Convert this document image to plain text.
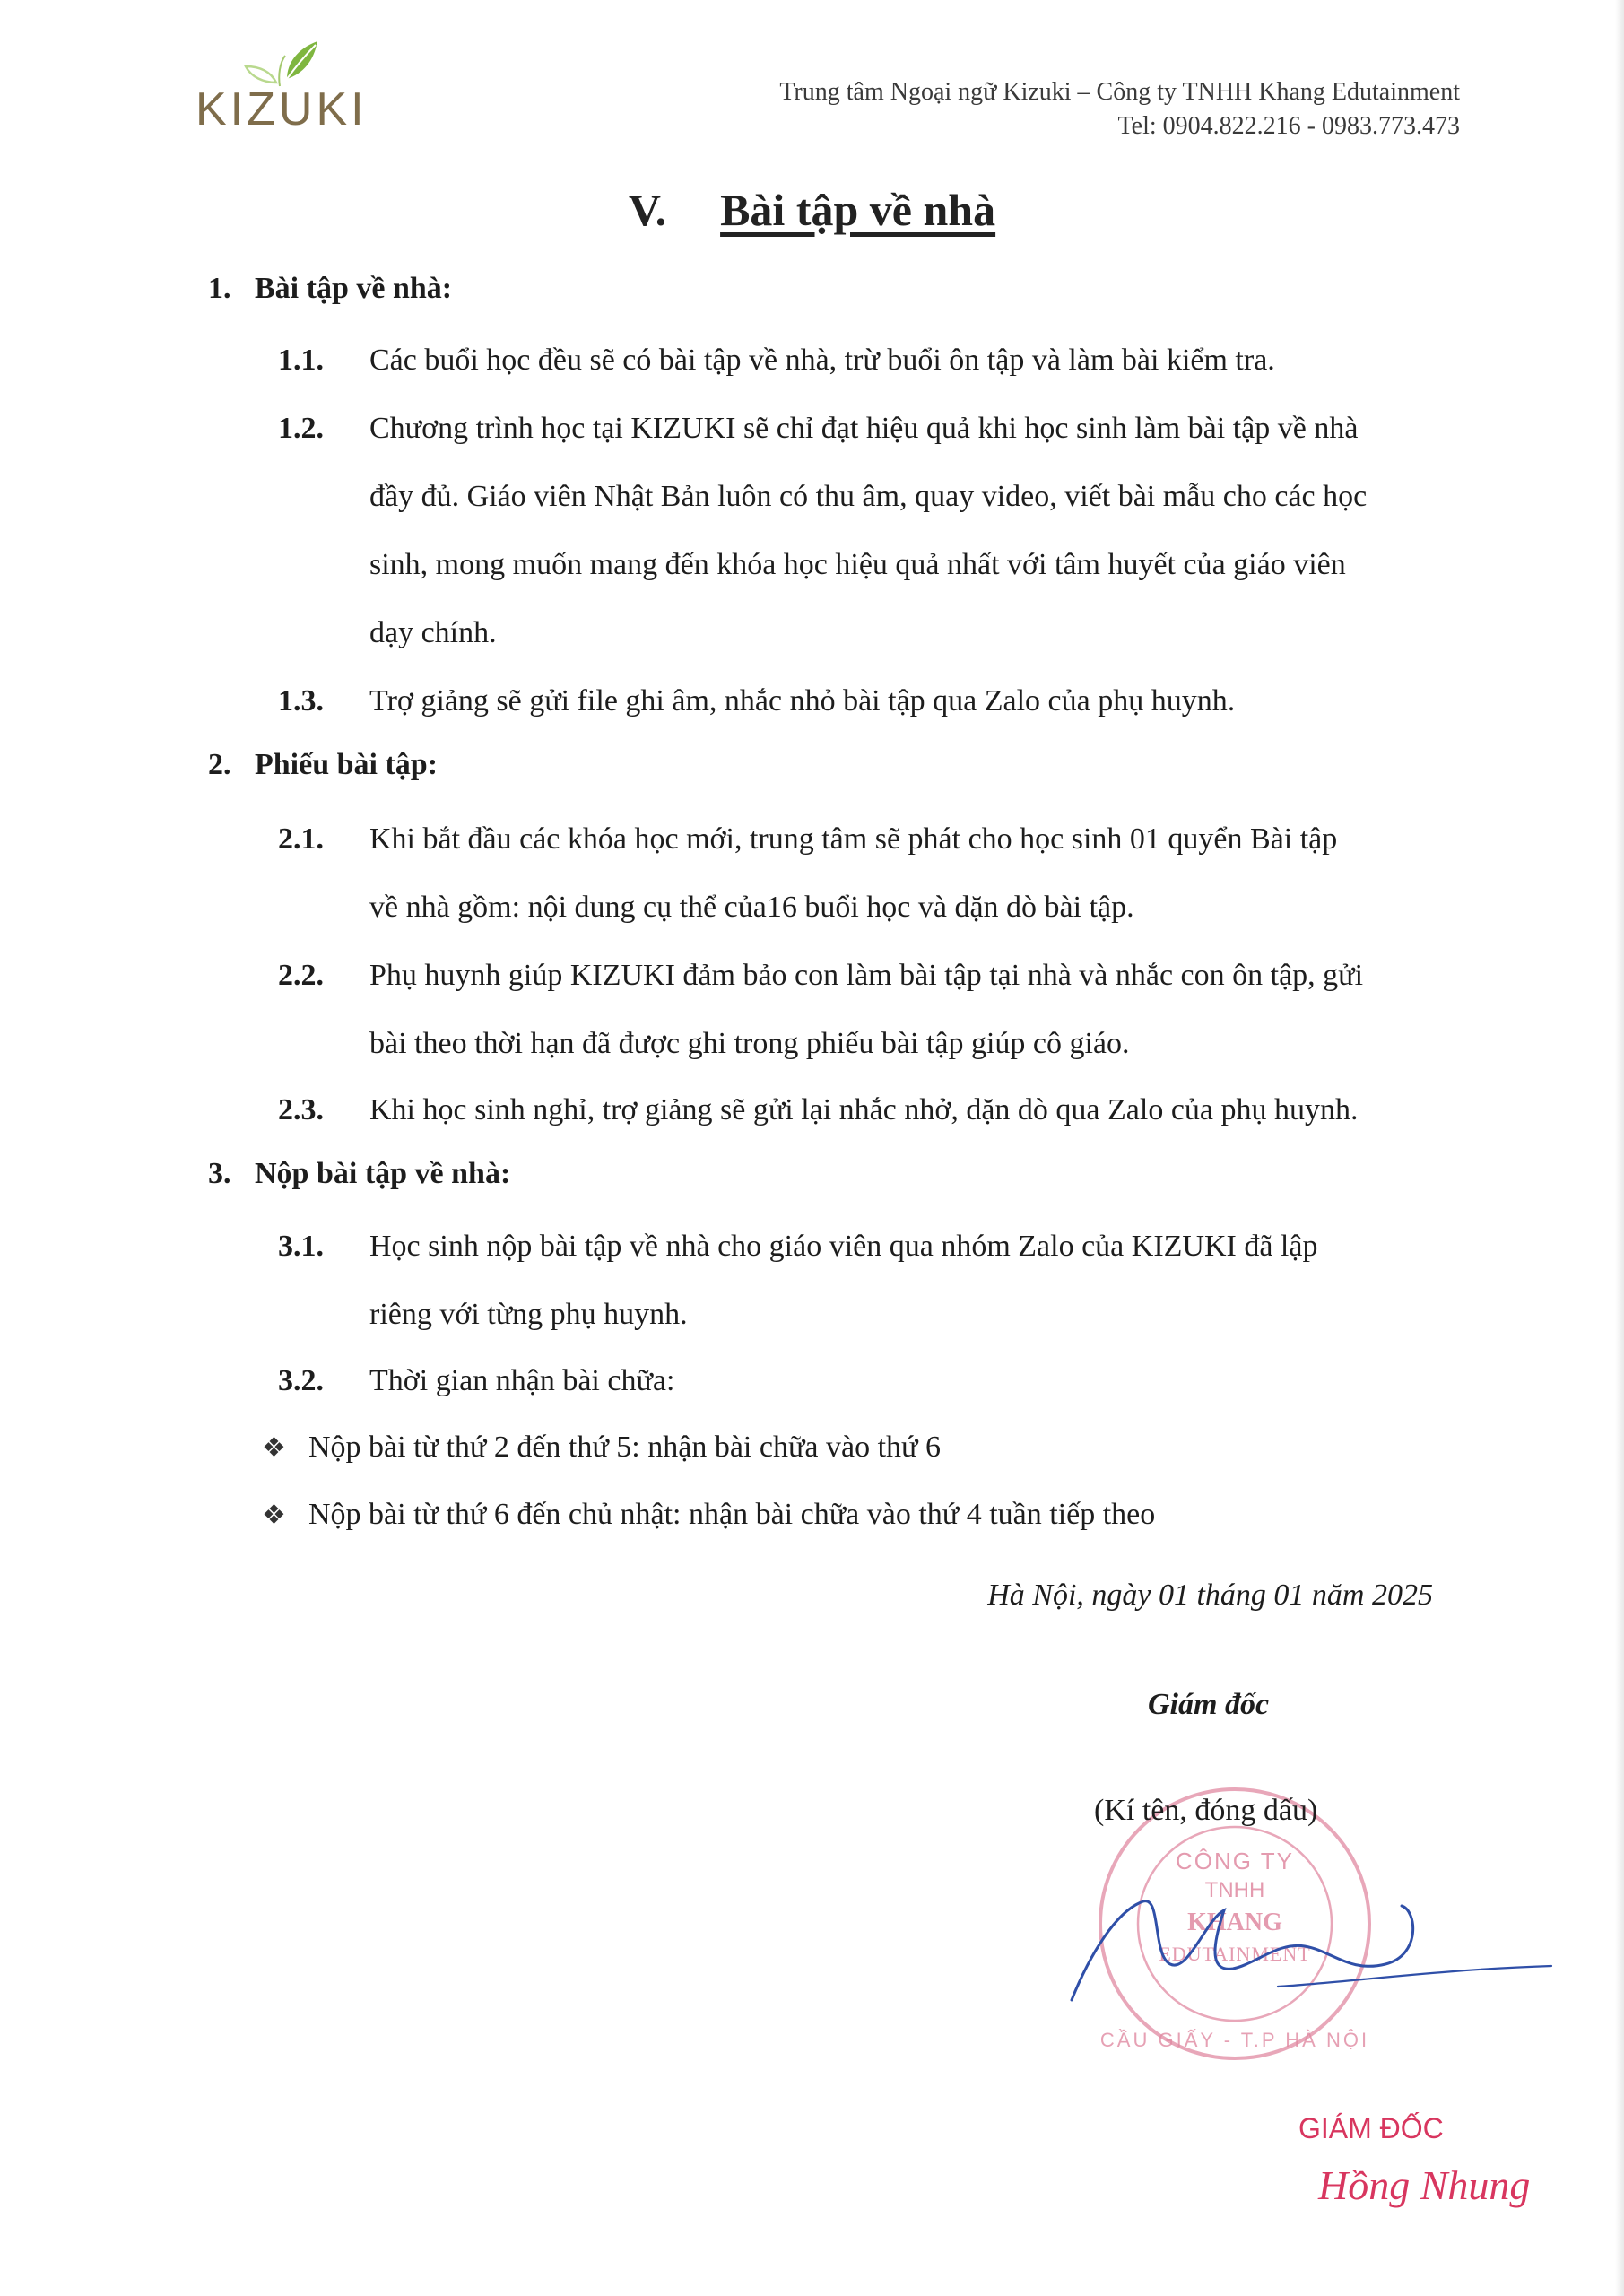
KIZUKI	Trung tâm Ngoại ngữ Kizuki – Công ty TNHH Khang Edutainment
Tel: 0904.822.216 - 0983.773.473
V. Bài tập về nhà
1. Bài tập về nhà:
1.1. Các buổi học đều sẽ có bài tập về nhà, trừ buổi ôn tập và làm bài kiểm tra.
1.2. Chương trình học tại KIZUKI sẽ chỉ đạt hiệu quả khi học sinh làm bài tập về nhà
đầy đủ. Giáo viên Nhật Bản luôn có thu âm, quay video, viết bài mẫu cho các học
sinh, mong muốn mang đến khóa học hiệu quả nhất với tâm huyết của giáo viên
dạy chính.
1.3. Trợ giảng sẽ gửi file ghi âm, nhắc nhỏ bài tập qua Zalo của phụ huynh.
2. Phiếu bài tập:
2.1. Khi bắt đầu các khóa học mới, trung tâm sẽ phát cho học sinh 01 quyển Bài tập
về nhà gồm: nội dung cụ thể của16 buổi học và dặn dò bài tập.
2.2. Phụ huynh giúp KIZUKI đảm bảo con làm bài tập tại nhà và nhắc con ôn tập, gửi
bài theo thời hạn đã được ghi trong phiếu bài tập giúp cô giáo.
2.3. Khi học sinh nghỉ, trợ giảng sẽ gửi lại nhắc nhở, dặn dò qua Zalo của phụ huynh.
3. Nộp bài tập về nhà:
3.1. Học sinh nộp bài tập về nhà cho giáo viên qua nhóm Zalo của KIZUKI đã lập
riêng với từng phụ huynh.
3.2. Thời gian nhận bài chữa:
❖ Nộp bài từ thứ 2 đến thứ 5: nhận bài chữa vào thứ 6
❖ Nộp bài từ thứ 6 đến chủ nhật: nhận bài chữa vào thứ 4 tuần tiếp theo
Hà Nội, ngày 01 tháng 01 năm 2025
Giám đốc
CẦU GIẤY - T.P HÀ NỘI
CÔNG TY
TNHH
KHANG
EDUTAINMENT
(Kí tên, đóng dấu)
GIÁM ĐỐC
Hồng Nhung
